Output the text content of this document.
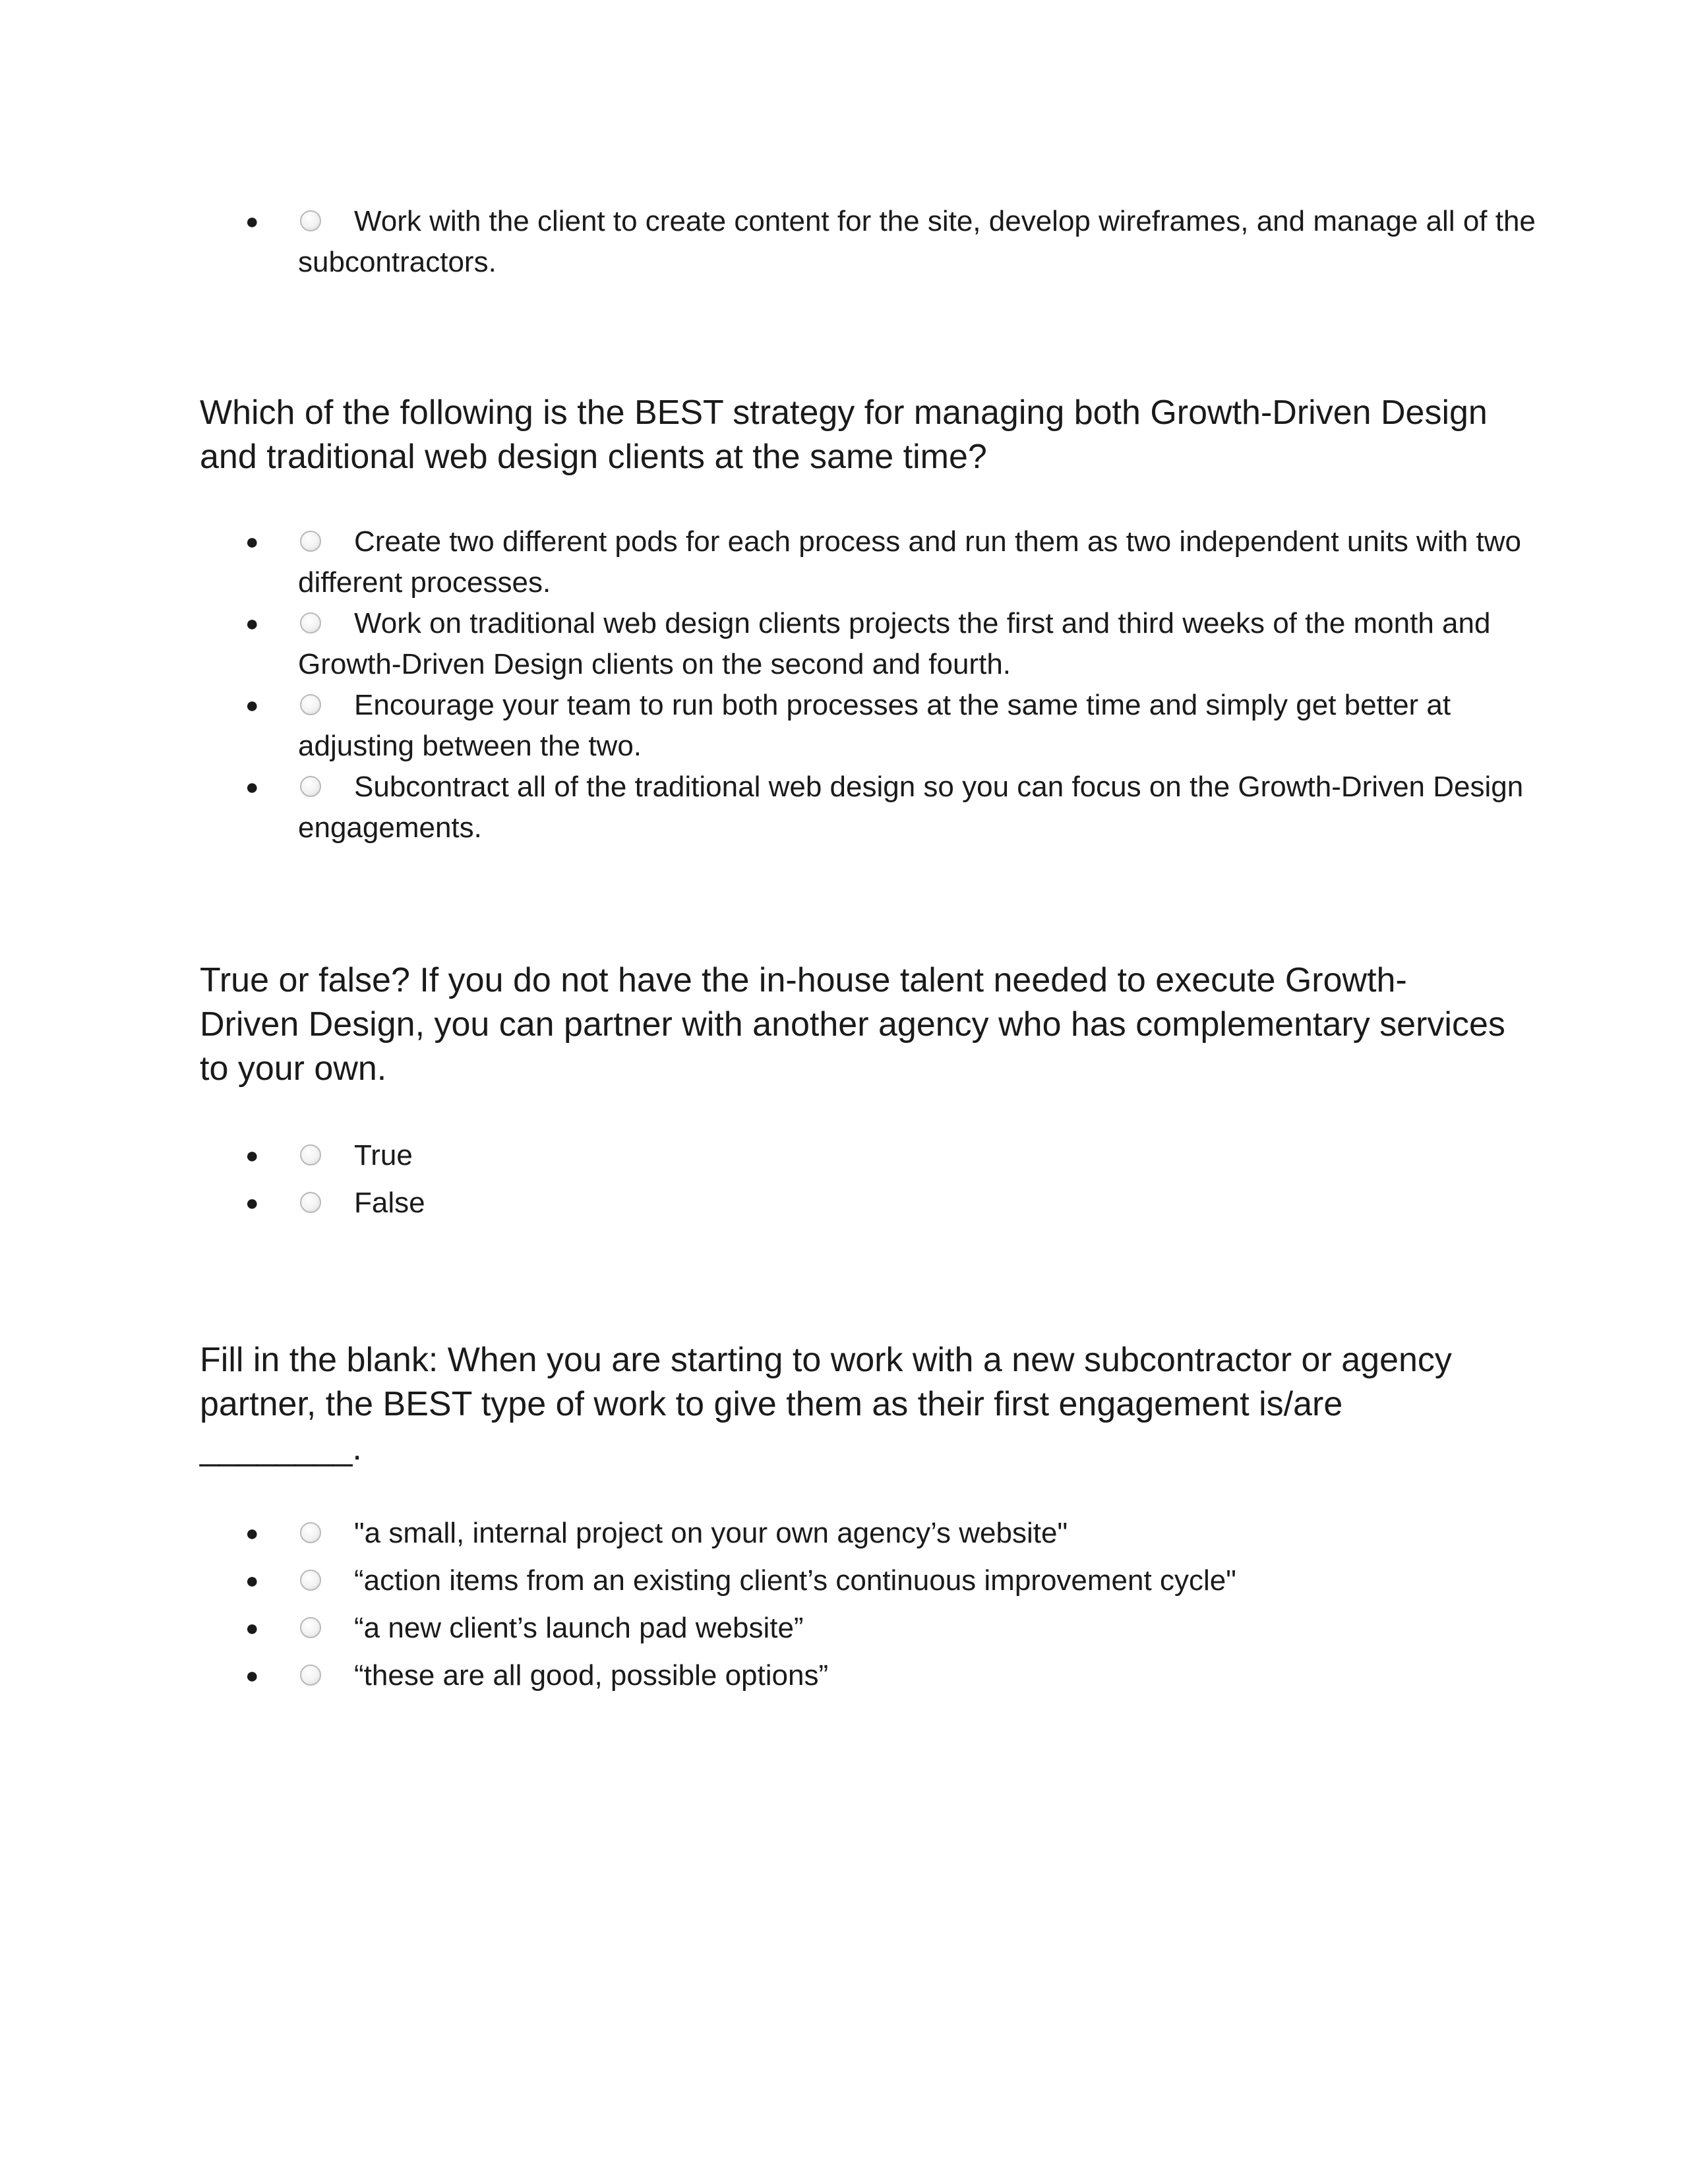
●	Work with the client to create content for the site, develop wireframes, and manage all of the subcontractors.
Which of the following is the BEST strategy for managing both Growth-Driven Design and traditional web design clients at the same time?
●	Create two different pods for each process and run them as two independent units with two different processes.
●	Work on traditional web design clients projects the first and third weeks of the month and Growth-Driven Design clients on the second and fourth.
●	Encourage your team to run both processes at the same time and simply get better at adjusting between the two.
●	Subcontract all of the traditional web design so you can focus on the Growth-Driven Design engagements.
True or false? If you do not have the in-house talent needed to execute Growth-Driven Design, you can partner with another agency who has complementary services to your own.
●	True
●	False
Fill in the blank: When you are starting to work with a new subcontractor or agency partner, the BEST type of work to give them as their first engagement is/are ________.
●	"a small, internal project on your own agency’s website"
●	“action items from an existing client’s continuous improvement cycle"
●	“a new client’s launch pad website”
●	“these are all good, possible options”
